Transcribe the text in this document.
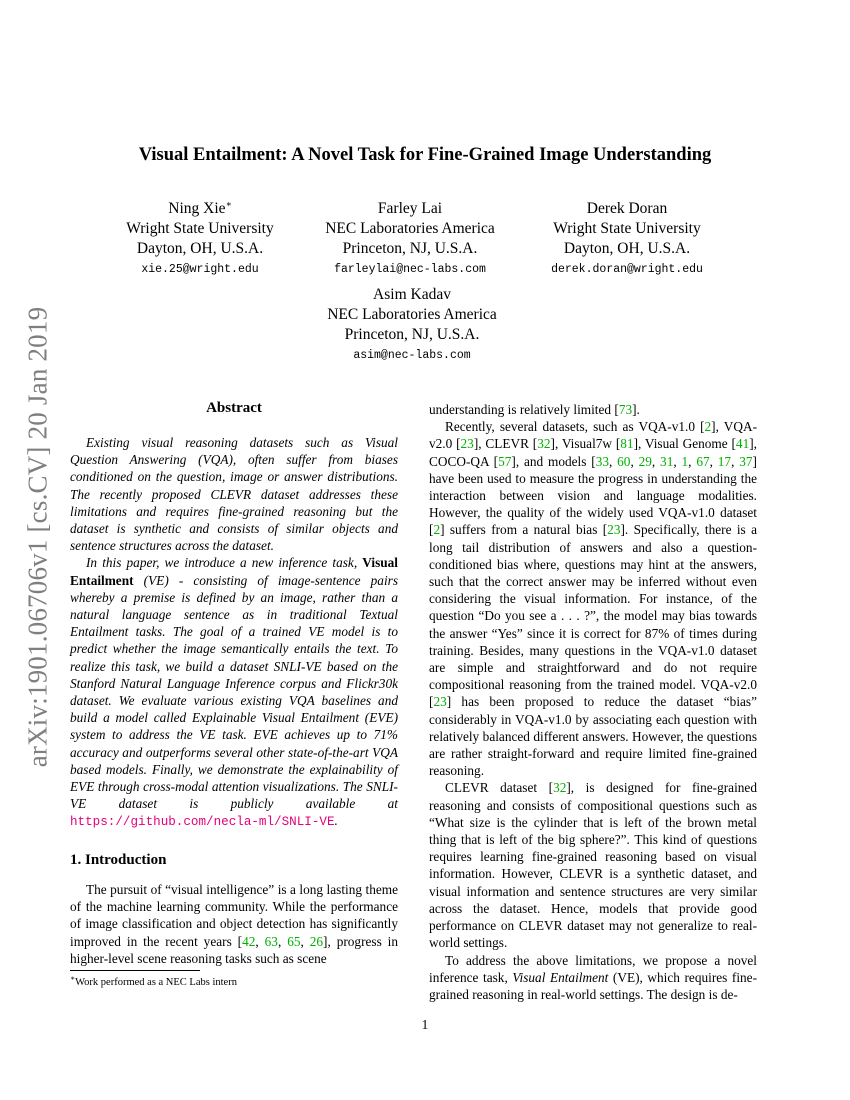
arXiv:1901.06706v1 [cs.CV] 20 Jan 2019
Visual Entailment: A Novel Task for Fine-Grained Image Understanding
Ning Xie∗
Wright State University
Dayton, OH, U.S.A.
xie.25@wright.edu
Farley Lai
NEC Laboratories America
Princeton, NJ, U.S.A.
farleylai@nec-labs.com
Derek Doran
Wright State University
Dayton, OH, U.S.A.
derek.doran@wright.edu
Asim Kadav
NEC Laboratories America
Princeton, NJ, U.S.A.
asim@nec-labs.com
Abstract

Existing visual reasoning datasets such as Visual Question Answering (VQA), often suffer from biases conditioned on the question, image or answer distributions. The recently proposed CLEVR dataset addresses these limitations and requires fine-grained reasoning but the dataset is synthetic and consists of similar objects and sentence structures across the dataset.

In this paper, we introduce a new inference task, Visual Entailment (VE) - consisting of image-sentence pairs whereby a premise is defined by an image, rather than a natural language sentence as in traditional Textual Entailment tasks. The goal of a trained VE model is to predict whether the image semantically entails the text. To realize this task, we build a dataset SNLI-VE based on the Stanford Natural Language Inference corpus and Flickr30k dataset. We evaluate various existing VQA baselines and build a model called Explainable Visual Entailment (EVE) system to address the VE task. EVE achieves up to 71% accuracy and outperforms several other state-of-the-art VQA based models. Finally, we demonstrate the explainability of EVE through cross-modal attention visualizations. The SNLI-VE dataset is publicly available at https://github.com/necla-ml/SNLI-VE.

1. Introduction

The pursuit of “visual intelligence” is a long lasting theme of the machine learning community. While the performance of image classification and object detection has significantly improved in the recent years [42, 63, 65, 26], progress in higher-level scene reasoning tasks such as scene

understanding is relatively limited [73].

Recently, several datasets, such as VQA-v1.0 [2], VQA-v2.0 [23], CLEVR [32], Visual7w [81], Visual Genome [41], COCO-QA [57], and models [33, 60, 29, 31, 1, 67, 17, 37] have been used to measure the progress in understanding the interaction between vision and language modalities. However, the quality of the widely used VQA-v1.0 dataset [2] suffers from a natural bias [23]. Specifically, there is a long tail distribution of answers and also a question-conditioned bias where, questions may hint at the answers, such that the correct answer may be inferred without even considering the visual information. For instance, of the question “Do you see a . . . ?”, the model may bias towards the answer “Yes” since it is correct for 87% of times during training. Besides, many questions in the VQA-v1.0 dataset are simple and straightforward and do not require compositional reasoning from the trained model. VQA-v2.0 [23] has been proposed to reduce the dataset “bias” considerably in VQA-v1.0 by associating each question with relatively balanced different answers. However, the questions are rather straight-forward and require limited fine-grained reasoning.

CLEVR dataset [32], is designed for fine-grained reasoning and consists of compositional questions such as “What size is the cylinder that is left of the brown metal thing that is left of the big sphere?”. This kind of questions requires learning fine-grained reasoning based on visual information. However, CLEVR is a synthetic dataset, and visual information and sentence structures are very similar across the dataset. Hence, models that provide good performance on CLEVR dataset may not generalize to real-world settings.

To address the above limitations, we propose a novel inference task, Visual Entailment (VE), which requires fine-grained reasoning in real-world settings. The design is de-

∗Work performed as a NEC Labs intern
1
